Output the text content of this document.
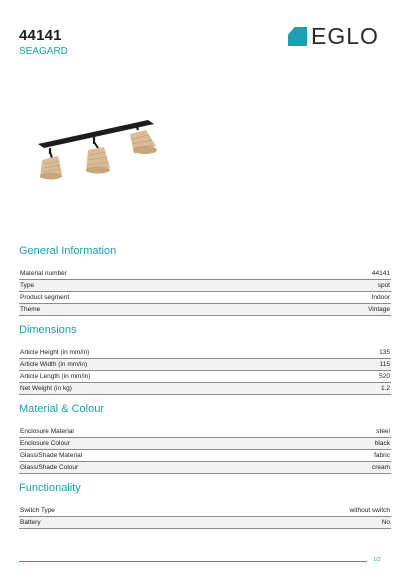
44141
SEAGARD
EGLO
General Information
Material number	44141
Type	spot
Product segment	Indoor
Theme	Vintage
Dimensions
Article Height (in mm/in)	135
Article Width (in mm/in)	115
Article Length (in mm/in)	520
Net Weight (in kg)	1.2
Material & Colour
Enclosure Material	steel
Enclosure Colour	black
Glass/Shade Material	fabric
Glass/Shade Colour	cream
Functionality
Switch Type	without switch
Battery	No
1/2
